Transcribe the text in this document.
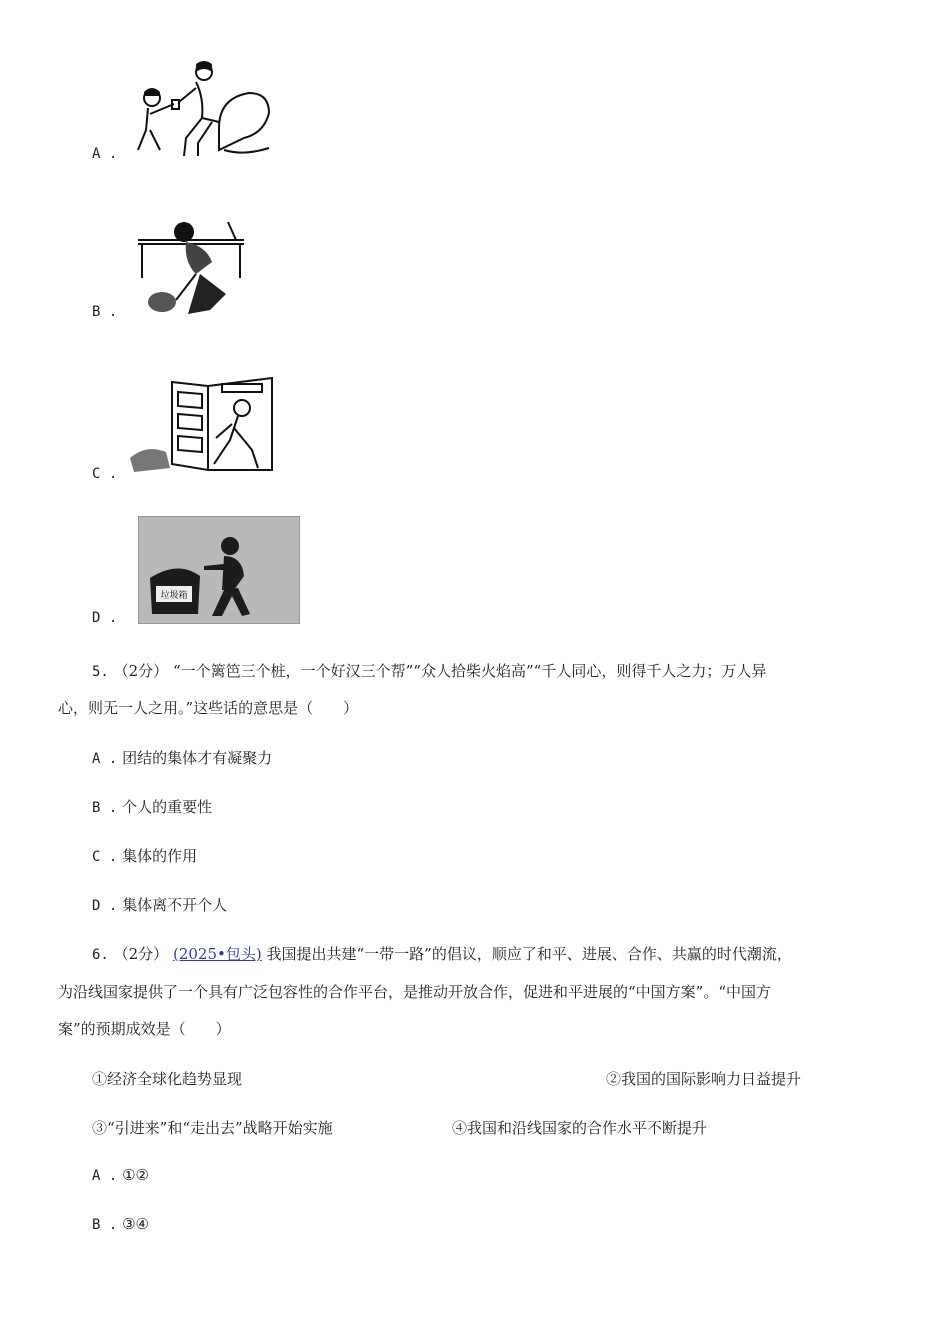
A .
B .
C .
D .
垃圾箱
5. （2分） “一个篱笆三个桩，一个好汉三个帮”“众人拾柴火焰高”“千人同心，则得千人之力；万人异
心，则无一人之用。”这些话的意思是（　　）
A . 团结的集体才有凝聚力
B . 个人的重要性
C . 集体的作用
D . 集体离不开个人
6. （2分） (2025•包头) 我国提出共建“一带一路”的倡议，顺应了和平、进展、合作、共赢的时代潮流，
为沿线国家提供了一个具有广泛包容性的合作平台，是推动开放合作，促进和平进展的“中国方案”。“中国方
案”的预期成效是（　　）
①经济全球化趋势显现	②我国的国际影响力日益提升
③“引进来”和“走出去”战略开始实施	④我国和沿线国家的合作水平不断提升
A . ①②
B . ③④
